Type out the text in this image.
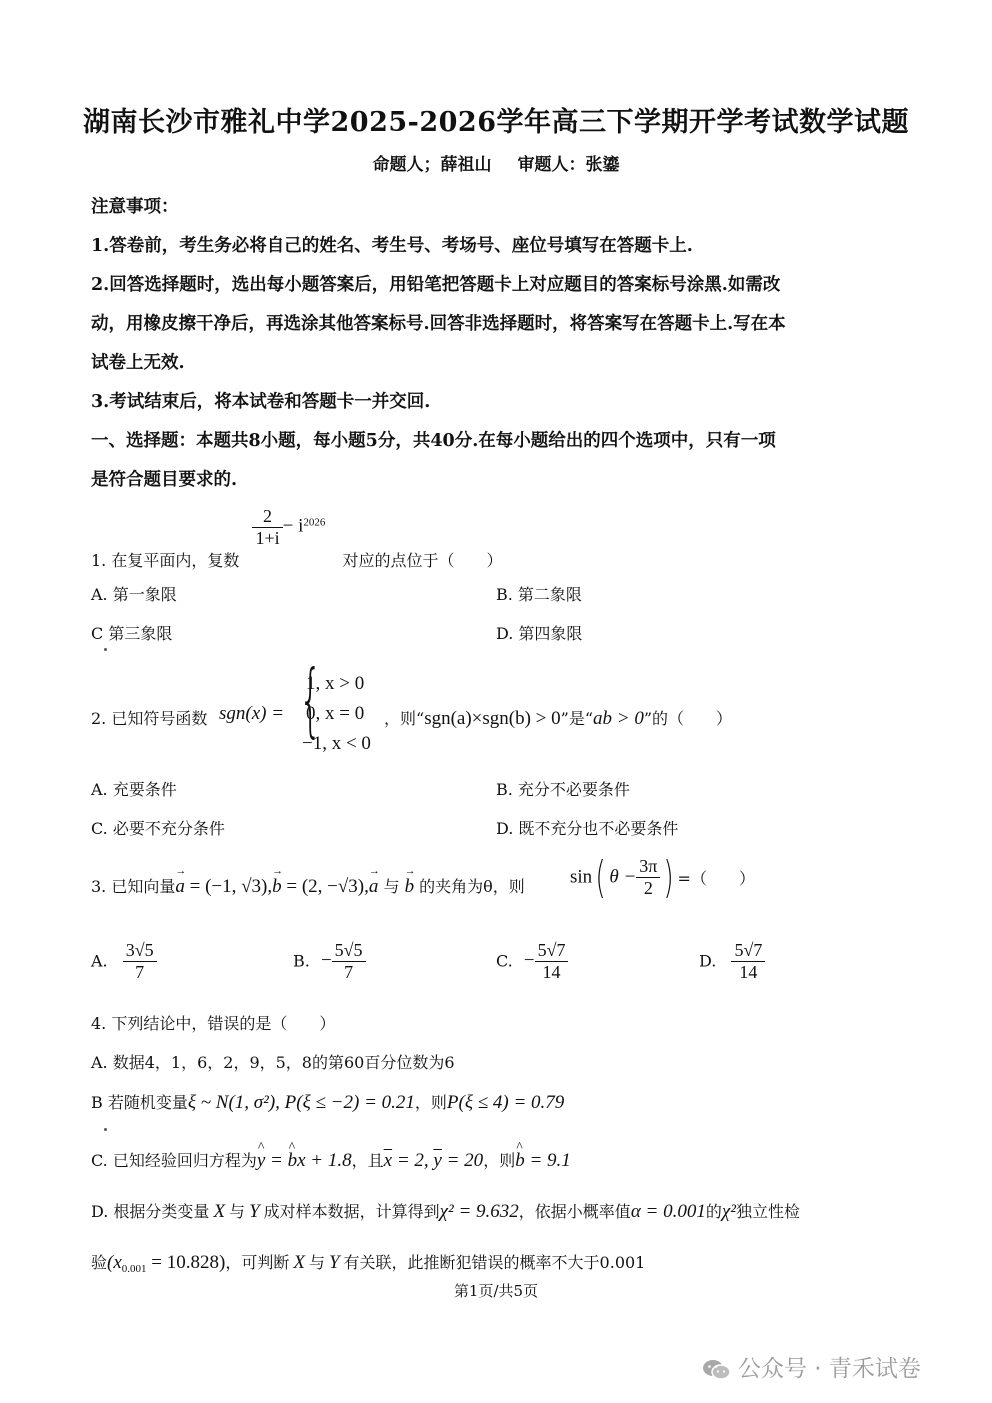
湖南长沙市雅礼中学2025-2026学年高三下学期开学考试数学试题
命题人；薛祖山 审题人：张鎏
注意事项：
1.答卷前，考生务必将自己的姓名、考生号、考场号、座位号填写在答题卡上.
2.回答选择题时，选出每小题答案后，用铅笔把答题卡上对应题目的答案标号涂黑.如需改
动，用橡皮擦干净后，再选涂其他答案标号.回答非选择题时，将答案写在答题卡上.写在本
试卷上无效.
3.考试结束后，将本试卷和答题卡一并交回.
一、选择题：本题共8小题，每小题5分，共40分.在每小题给出的四个选项中，只有一项
是符合题目要求的.
1. 在复平面内，复数
$\frac{2}{1+i} - i^{2026}$ 对应的点位于（　　）
A. 第一象限	B. 第二象限
C 第三象限	D. 第四象限
2. 已知符号函数 sgn(x) = {
1, x > 0
0, x = 0
−1, x < 0
，则“sgn(a)×sgn(b) > 0”是“ab > 0”的（　　）
A. 充要条件	B. 充分不必要条件
C. 必要不充分条件	D. 既不充分也不必要条件
3. 已知向量→ a = (−1, √3),→ b = (2, −√3),→ a 与 → b 的夹角为θ，则 sin( $\theta - \frac{3\pi}{2}$ ) =（　　）
A. $\frac{3√5}{7}$	B. − $\frac{5√5}{7}$	C. − $\frac{5√7}{14}$	D. $\frac{5√7}{14}$
4. 下列结论中，错误的是（　　）
A. 数据4，1，6，2，9，5，8的第60百分位数为6
B 若随机变量ξ ~ N(1, σ²), P(ξ ≤ −2) = 0.21，则P(ξ ≤ 4) = 0.79
C. 已知经验回归方程为^ y = ^ bx + 1.8，且$\overline{x} = 2$, $\overline{y} = 20$，则^ b = 9.1
D. 根据分类变量 X 与 Y 成对样本数据，计算得到χ² = 9.632，依据小概率值α = 0.001的χ²独立性检
验$(x_{0.001} = 10.828)$，可判断 X 与 Y 有关联，此推断犯错误的概率不大于0.001
第1页/共5页
公众号 · 青禾试卷
